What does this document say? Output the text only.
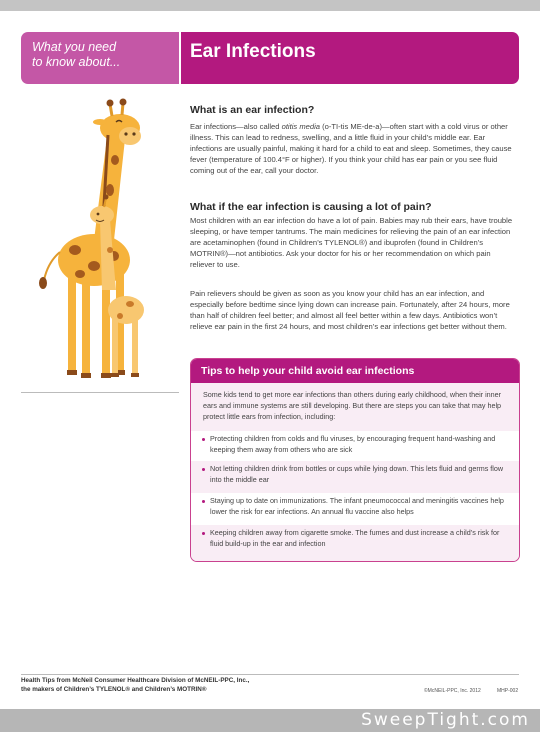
What you need
to know about...	Ear Infections
What is an ear infection?

Ear infections—also called otitis media (o-TI-tis ME-de-a)—often start with a cold virus or other illness. This can lead to redness, swelling, and a little fluid in your child’s middle ear. Ear infections are usually painful, making it hard for a child to eat and sleep. Sometimes, they cause fever (temperature of 100.4°F or higher). If you think your child has ear pain or you see fluid coming out of the ear, call your doctor.

What if the ear infection is causing a lot of pain?

Most children with an ear infection do have a lot of pain. Babies may rub their ears, have trouble sleeping, or have temper tantrums. The main medicines for relieving the pain of an ear infection are acetaminophen (found in Children’s TYLENOL®) and ibuprofen (found in Children’s MOTRIN®)—not antibiotics. Ask your doctor for his or her recommendation on which pain reliever to use.

Pain relievers should be given as soon as you know your child has an ear infection, and especially before bedtime since lying down can increase pain. Fortunately, after 24 hours, more than half of children feel better; and almost all feel better within a few days. Antibiotics won’t relieve ear pain in the first 24 hours, and most children’s ear infections get better without them.

Tips to help your child avoid ear infections

Some kids tend to get more ear infections than others during early childhood, when their inner ears and immune systems are still developing. But there are steps you can take that may help protect little ears from infection, including:

Protecting children from colds and flu viruses, by encouraging frequent hand-washing and keeping them away from others who are sick

Not letting children drink from bottles or cups while lying down. This lets fluid and germs flow into the middle ear

Staying up to date on immunizations. The infant pneumococcal and meningitis vaccines help lower the risk for ear infections. An annual flu vaccine also helps

Keeping children away from cigarette smoke. The fumes and dust increase a child’s risk for fluid build-up in the ear and infection

Health Tips from McNeil Consumer Healthcare Division of McNEIL-PPC, Inc.,
the makers of Children’s TYLENOL® and Children’s MOTRIN®	©McNEIL-PPC, Inc. 2012	MHP-002
SweepTight.com
